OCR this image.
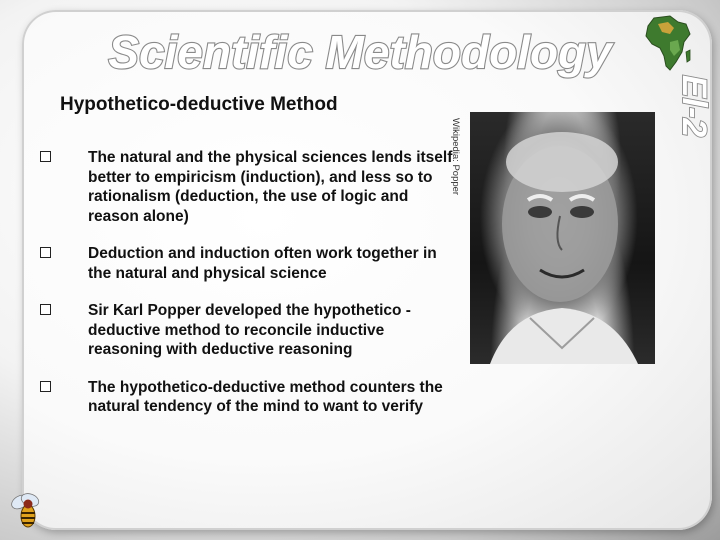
Scientific Methodology
El-2
Hypothetico-deductive Method
The natural and the physical sciences lends itself better to empiricism (induction), and less so to rationalism (deduction, the use of logic and reason alone)
Deduction and induction often work together in the natural and physical science
Sir Karl Popper developed the hypothetico -deductive method to reconcile inductive reasoning with deductive reasoning
The hypothetico-deductive method counters the natural tendency of the mind to want to verify
Wikipedia: Popper
